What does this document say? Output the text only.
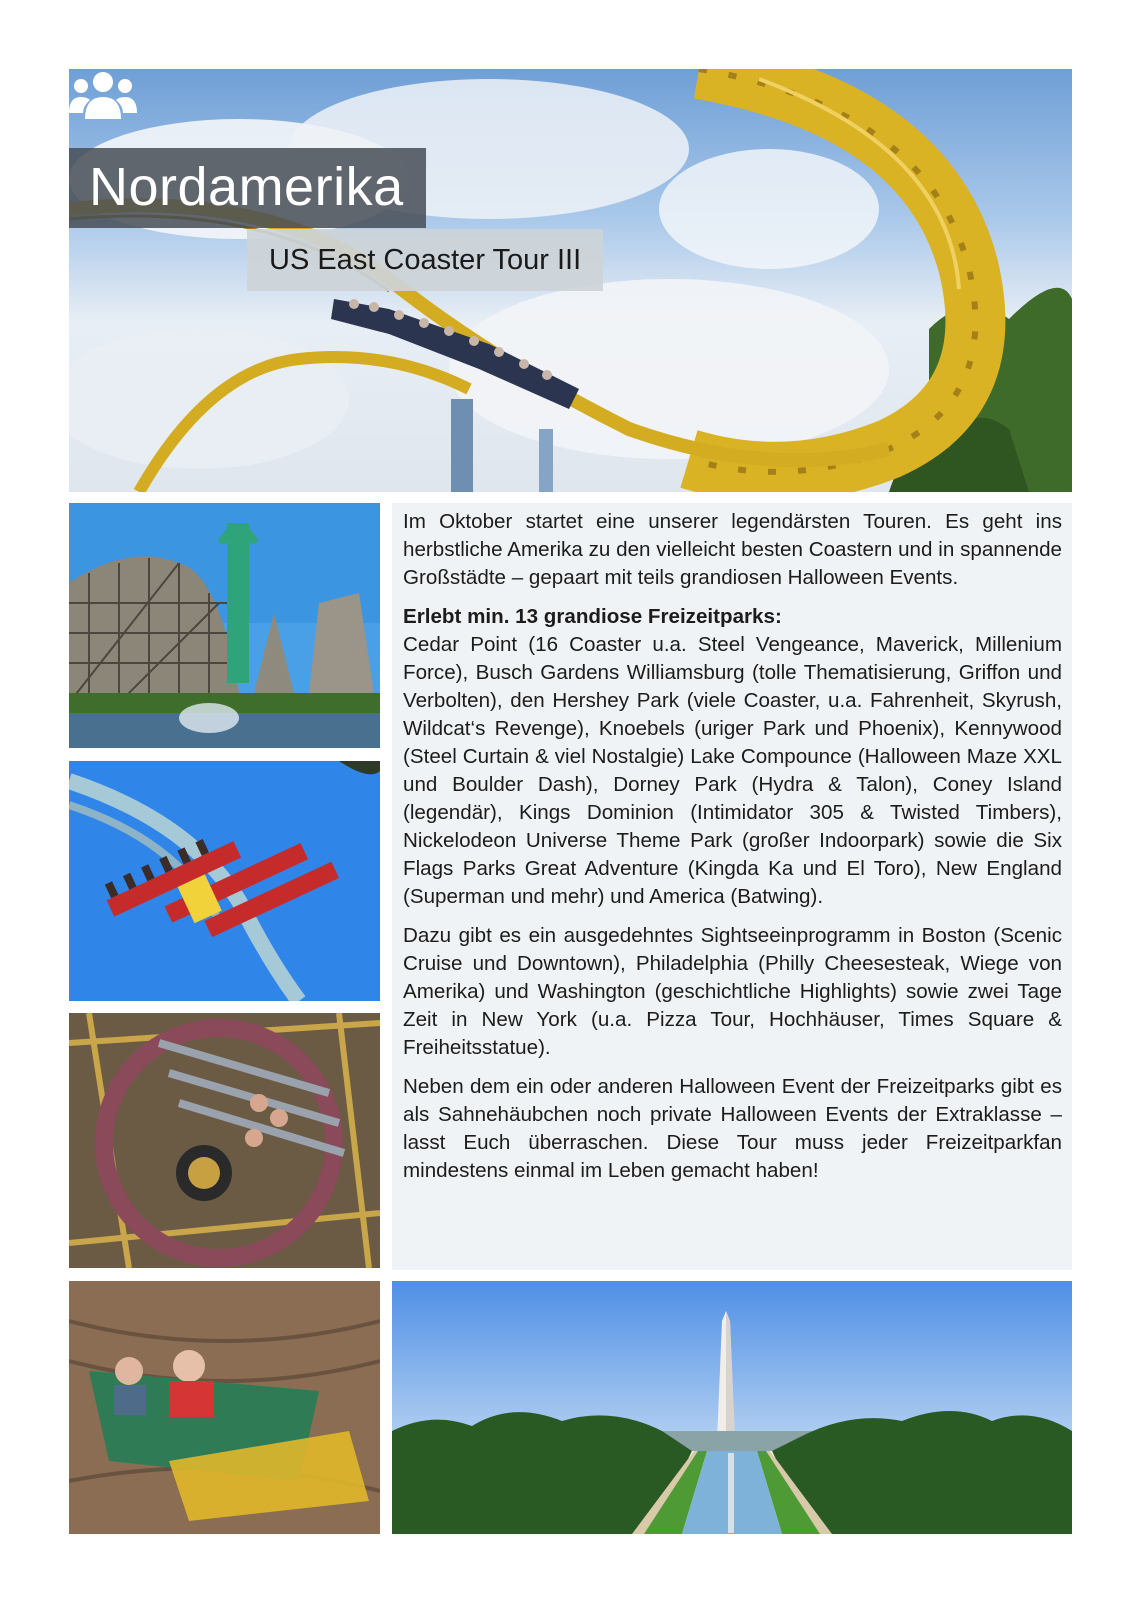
Nordamerika
US East Coaster Tour III

Im Oktober startet eine unserer legendärsten Touren. Es geht ins herbstliche Amerika zu den vielleicht besten Coastern und in spannende Großstädte – gepaart mit teils grandiosen Halloween Events.

Erlebt min. 13 grandiose Freizeitparks:
Cedar Point (16 Coaster u.a. Steel Vengeance, Maverick, Millenium Force), Busch Gardens Williamsburg (tolle Thematisierung, Griffon und Verbolten), den Hershey Park (viele Coaster, u.a. Fahrenheit, Skyrush, Wildcat‘s Revenge), Knoebels (uriger Park und Phoenix), Kennywood (Steel Curtain & viel Nostalgie) Lake Compounce (Halloween Maze XXL und Boulder Dash), Dorney Park (Hydra & Talon), Coney Island (legendär), Kings Dominion (Intimidator 305 & Twisted Timbers), Nickelodeon Universe Theme Park (großer Indoorpark) sowie die Six Flags Parks Great Adventure (Kingda Ka und El Toro), New England (Superman und mehr) und America (Batwing).

Dazu gibt es ein ausgedehntes Sightseeinprogramm in Boston (Scenic Cruise und Downtown), Philadelphia (Philly Cheesesteak, Wiege von Amerika) und Washington (geschichtliche Highlights) sowie zwei Tage Zeit in New York (u.a. Pizza Tour, Hochhäuser, Times Square & Freiheitsstatue).

Neben dem ein oder anderen Halloween Event der Freizeitparks gibt es als Sahnehäubchen noch private Halloween Events der Extraklasse – lasst Euch überraschen. Diese Tour muss jeder Freizeitparkfan mindestens einmal im Leben gemacht haben!
